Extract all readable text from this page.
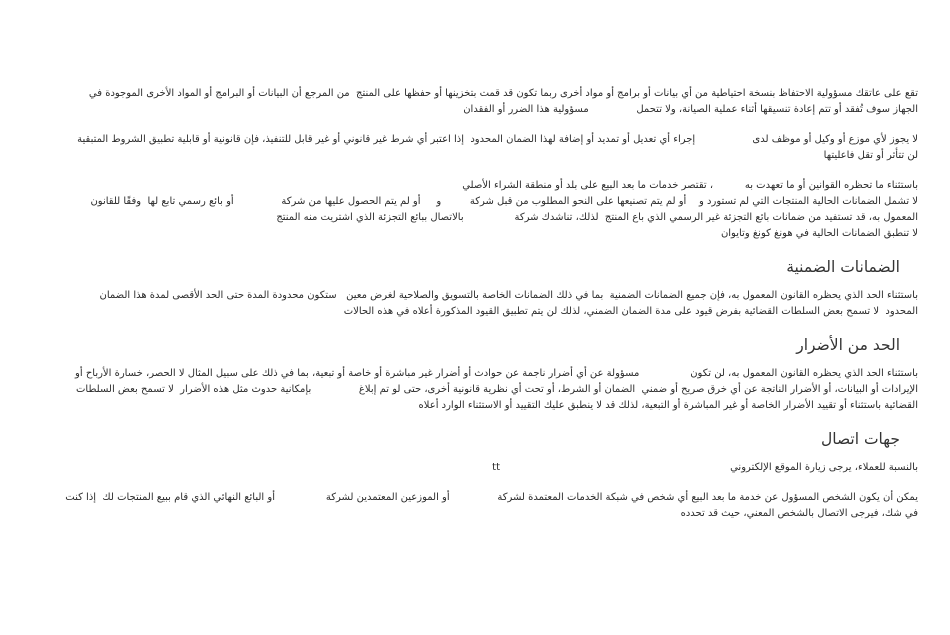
تقع على عاتقك مسؤولية الاحتفاظ بنسخة احتياطية من أي بيانات أو برامج أو مواد أخرى ربما تكون قد قمت بتخزينها أو حفظها على المنتج  من المرجع أن البيانات أو البرامج أو المواد الأخرى الموجودة في الجهاز سوف تُفقد أو تتم إعادة تنسيقها أثناء عملية الصيانة، ولا تتحمل               مسؤولية هذا الضرر أو الفقدان

لا يجوز لأي موزع أو وكيل أو موظف لدى                  إجراء أي تعديل أو تمديد أو إضافة لهذا الضمان المحدود  إذا اعتبر أي شرط غير قانوني أو غير قابل للتنفيذ، فإن قانونية أو قابلية تطبيق الشروط المتبقية لن تتأثر أو تقل فاعليتها

باستثناء ما تحظره القوانين أو ما تعهدت به          ، تقتصر خدمات ما بعد البيع على بلد أو منطقة الشراء الأصلي

لا تشمل الضمانات الحالية المنتجات التي لم تستورد و    أو لم يتم تصنيعها على النحو المطلوب من قبل شركة         و     أو لم يتم الحصول عليها من شركة               أو بائع رسمي تابع لها  وفقًا للقانون المعمول به، قد تستفيد من ضمانات بائع التجزئة غير الرسمي الذي باع المنتج  لذلك، تناشدك شركة                بالاتصال ببائع التجزئة الذي اشتريت منه المنتج

لا تنطبق الضمانات الحالية في هونغ كونغ وتايوان

الضمانات الضمنية

باستثناء الحد الذي يحظره القانون المعمول به، فإن جميع الضمانات الضمنية  بما في ذلك الضمانات الخاصة بالتسويق والصلاحية لغرض معين   ستكون محدودة المدة حتى الحد الأقصى لمدة هذا الضمان المحدود  لا تسمح بعض السلطات القضائية بفرض قيود على مدة الضمان الضمني، لذلك لن يتم تطبيق القيود المذكورة أعلاه في هذه الحالات

الحد من الأضرار

باستثناء الحد الذي يحظره القانون المعمول به، لن تكون                مسؤولة عن أي أضرار ناجمة عن حوادث أو أضرار غير مباشرة أو خاصة أو تبعية، بما في ذلك على سبيل المثال لا الحصر، خسارة الأرباح أو الإيرادات أو البيانات، أو الأضرار الناتجة عن أي خرق صريح أو ضمني  الضمان أو الشرط، أو تحت أي نظرية قانونية أخرى، حتى لو تم إبلاغ               بإمكانية حدوث مثل هذه الأضرار  لا تسمح بعض السلطات القضائية باستثناء أو تقييد الأضرار الخاصة أو غير المباشرة أو التبعية، لذلك قد لا ينطبق عليك التقييد أو الاستثناء الوارد أعلاه

جهات اتصال
بالنسبة للعملاء، يرجى زيارة الموقع الإلكتروني
tt

يمكن أن يكون الشخص المسؤول عن خدمة ما بعد البيع أي شخص في شبكة الخدمات المعتمدة لشركة               أو الموزعين المعتمدين لشركة                أو البائع النهائي الذي قام ببيع المنتجات لك  إذا كنت في شك، فيرجى الاتصال بالشخص المعني، حيث قد تحدده
